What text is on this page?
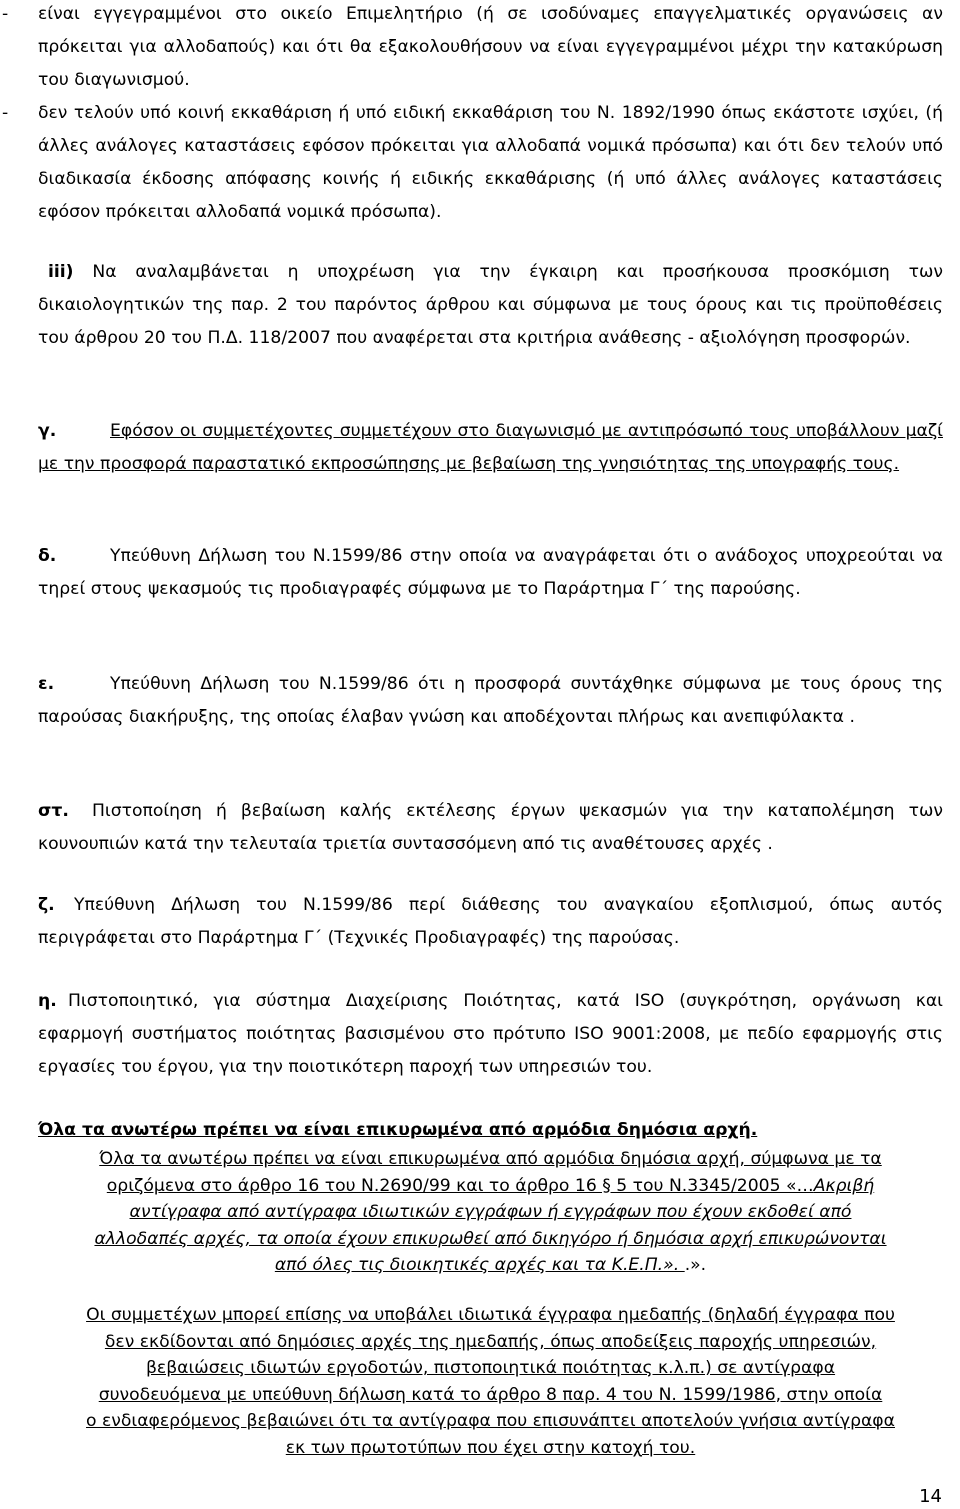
- είναι εγγεγραμμένοι στο οικείο Επιμελητήριο (ή σε ισοδύναμες επαγγελματικές οργανώσεις αν πρόκειται για αλλοδαπούς) και ότι θα εξακολουθήσουν να είναι εγγεγραμμένοι μέχρι την κατακύρωση του διαγωνισμού.
- δεν τελούν υπό κοινή εκκαθάριση ή υπό ειδική εκκαθάριση του Ν. 1892/1990 όπως εκάστοτε ισχύει, (ή άλλες ανάλογες καταστάσεις εφόσον πρόκειται για αλλοδαπά νομικά πρόσωπα) και ότι δεν τελούν υπό διαδικασία έκδοσης απόφασης κοινής ή ειδικής εκκαθάρισης (ή υπό άλλες ανάλογες καταστάσεις εφόσον πρόκειται αλλοδαπά νομικά πρόσωπα).
iii) Να αναλαμβάνεται η υποχρέωση για την έγκαιρη και προσήκουσα προσκόμιση των δικαιολογητικών της παρ. 2 του παρόντος άρθρου και σύμφωνα με τους όρους και τις προϋποθέσεις του άρθρου 20 του Π.Δ. 118/2007 που αναφέρεται στα κριτήρια ανάθεσης - αξιολόγηση προσφορών.
γ.	Εφόσον οι συμμετέχοντες συμμετέχουν στο διαγωνισμό με αντιπρόσωπό τους υποβάλλουν μαζί με την προσφορά παραστατικό εκπροσώπησης με βεβαίωση της γνησιότητας της υπογραφής τους.
δ.	Υπεύθυνη Δήλωση του Ν.1599/86 στην οποία να αναγράφεται ότι ο ανάδοχος υποχρεούται να τηρεί στους ψεκασμούς τις προδιαγραφές σύμφωνα με το Παράρτημα Γ΄ της παρούσης.
ε.	Υπεύθυνη Δήλωση του Ν.1599/86 ότι η προσφορά συντάχθηκε σύμφωνα με τους όρους της παρούσας διακήρυξης, της οποίας έλαβαν γνώση και αποδέχονται πλήρως και ανεπιφύλακτα .
στ. Πιστοποίηση ή βεβαίωση καλής εκτέλεσης έργων ψεκασμών για την καταπολέμηση των κουνουπιών κατά την τελευταία τριετία συντασσόμενη από τις αναθέτουσες αρχές .
ζ. Υπεύθυνη Δήλωση του Ν.1599/86 περί διάθεσης του αναγκαίου εξοπλισμού, όπως αυτός περιγράφεται στο Παράρτημα Γ΄ (Τεχνικές Προδιαγραφές) της παρούσας.
η. Πιστοποιητικό, για σύστημα Διαχείρισης Ποιότητας, κατά ISO (συγκρότηση, οργάνωση και εφαρμογή συστήματος ποιότητας βασισμένου στο πρότυπο ISO 9001:2008, με πεδίο εφαρμογής στις εργασίες του έργου, για την ποιοτικότερη παροχή των υπηρεσιών του.
Όλα τα ανωτέρω πρέπει να είναι επικυρωμένα από αρμόδια δημόσια αρχή.
Όλα τα ανωτέρω πρέπει να είναι επικυρωμένα από αρμόδια δημόσια αρχή, σύμφωνα με τα
οριζόμενα στο άρθρο 16 του Ν.2690/99 και το άρθρο 16 § 5 του Ν.3345/2005 «…Ακριβή
αντίγραφα από αντίγραφα ιδιωτικών εγγράφων ή εγγράφων που έχουν εκδοθεί από
αλλοδαπές αρχές, τα οποία έχουν επικυρωθεί από δικηγόρο ή δημόσια αρχή επικυρώνονται
από όλες τις διοικητικές αρχές και τα Κ.Ε.Π.». .».
Οι συμμετέχων μπορεί επίσης να υποβάλει ιδιωτικά έγγραφα ημεδαπής (δηλαδή έγγραφα που
δεν εκδίδονται από δημόσιες αρχές της ημεδαπής, όπως αποδείξεις παροχής υπηρεσιών,
βεβαιώσεις ιδιωτών εργοδοτών, πιστοποιητικά ποιότητας κ.λ.π.) σε αντίγραφα
συνοδευόμενα με υπεύθυνη δήλωση κατά το άρθρο 8 παρ. 4 του Ν. 1599/1986, στην οποία
ο ενδιαφερόμενος βεβαιώνει ότι τα αντίγραφα που επισυνάπτει αποτελούν γνήσια αντίγραφα
εκ των πρωτοτύπων που έχει στην κατοχή του.
14
